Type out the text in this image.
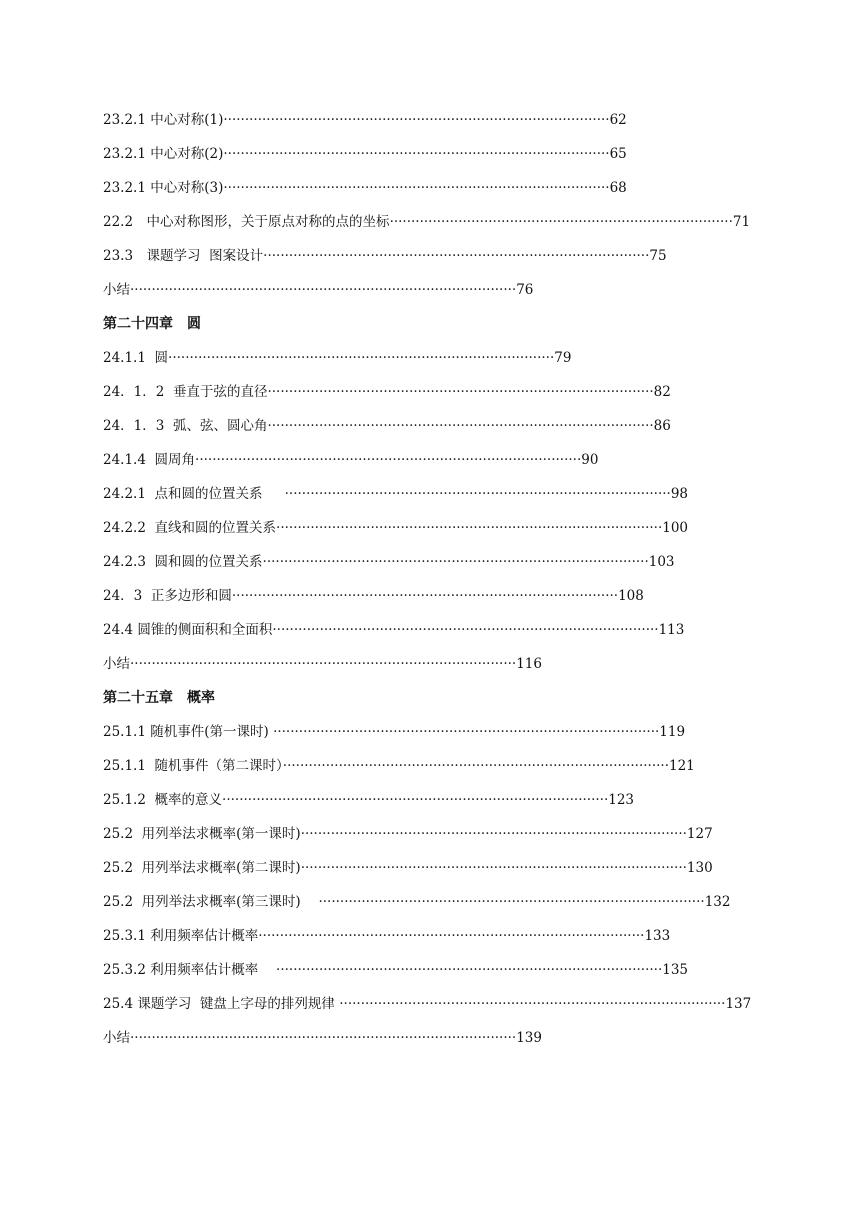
23.2.1 中心对称(1)··························································································62
23.2.1 中心对称(2)··························································································65
23.2.1 中心对称(3)··························································································68
22.2　中心对称图形，关于原点对称的点的坐标················································································71
23.3　课题学习  图案设计··························································································75
小结··························································································76
第二十四章　圆
24.1.1  圆··························································································79
24．1．2  垂直于弦的直径··························································································82
24．1．3  弧、弦、圆心角··························································································86
24.1.4  圆周角··························································································90
24.2.1  点和圆的位置关系　  ··························································································98
24.2.2  直线和圆的位置关系··························································································100
24.2.3  圆和圆的位置关系··························································································103
24．3  正多边形和圆··························································································108
24.4 圆锥的侧面积和全面积··························································································113
小结··························································································116
第二十五章　概率
25.1.1 随机事件(第一课时) ··························································································119
25.1.1  随机事件（第二课时）··························································································121
25.1.2  概率的意义··························································································123
25.2  用列举法求概率(第一课时)··························································································127
25.2  用列举法求概率(第二课时)··························································································130
25.2  用列举法求概率(第三课时)　 ··························································································132
25.3.1 利用频率估计概率··························································································133
25.3.2 利用频率估计概率　 ··························································································135
25.4 课题学习  键盘上字母的排列规律 ··························································································137
小结··························································································139
